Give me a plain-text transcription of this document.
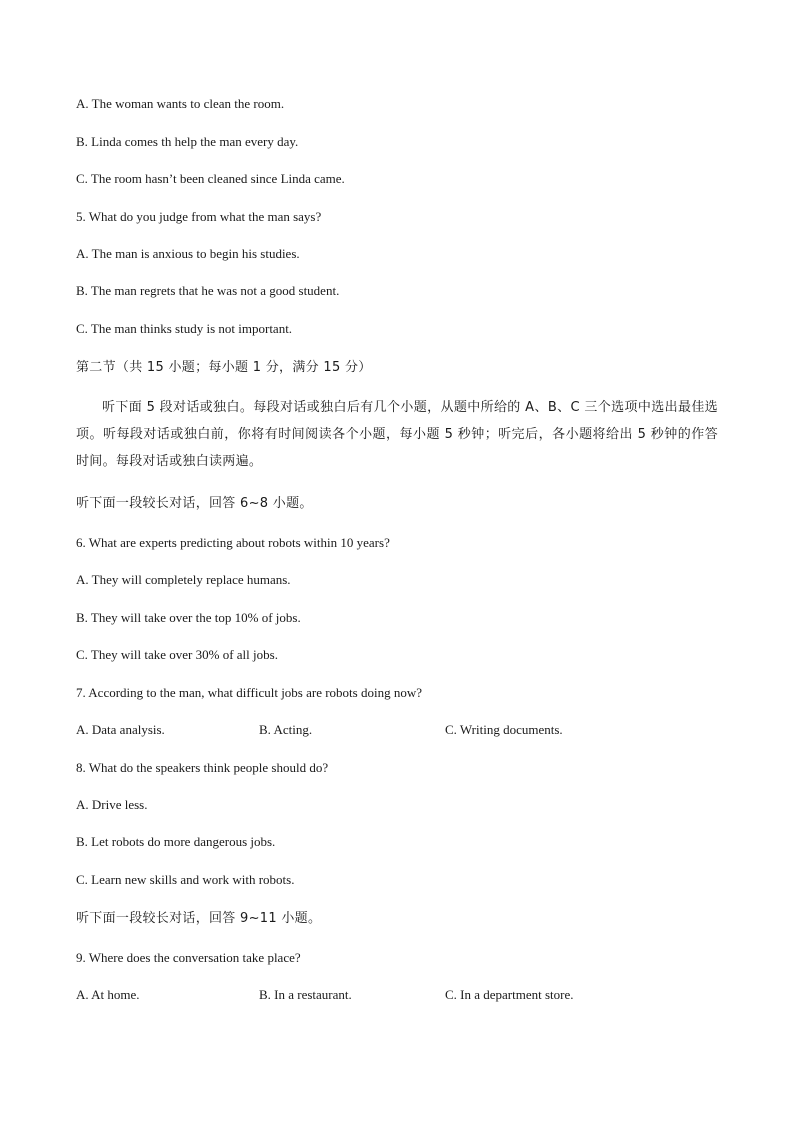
A. The woman wants to clean the room.
B. Linda comes th help the man every day.
C. The room hasn’t been cleaned since Linda came.
5. What do you judge from what the man says?
A. The man is anxious to begin his studies.
B. The man regrets that he was not a good student.
C. The man thinks study is not important.
第二节（共 15 小题；每小题 1 分，满分 15 分）
听下面 5 段对话或独白。每段对话或独白后有几个小题，从题中所给的 A、B、C 三个选项中选出最佳选项。听每段对话或独白前，你将有时间阅读各个小题，每小题 5 秒钟；听完后，各小题将给出 5 秒钟的作答时间。每段对话或独白读两遍。
听下面一段较长对话，回答 6~8 小题。
6. What are experts predicting about robots within 10 years?
A. They will completely replace humans.
B. They will take over the top 10% of jobs.
C. They will take over 30% of all jobs.
7. According to the man, what difficult jobs are robots doing now?
A. Data analysis.	B. Acting.	C. Writing documents.
8. What do the speakers think people should do?
A. Drive less.
B. Let robots do more dangerous jobs.
C. Learn new skills and work with robots.
听下面一段较长对话，回答 9~11 小题。
9. Where does the conversation take place?
A. At home.	B. In a restaurant.	C. In a department store.
